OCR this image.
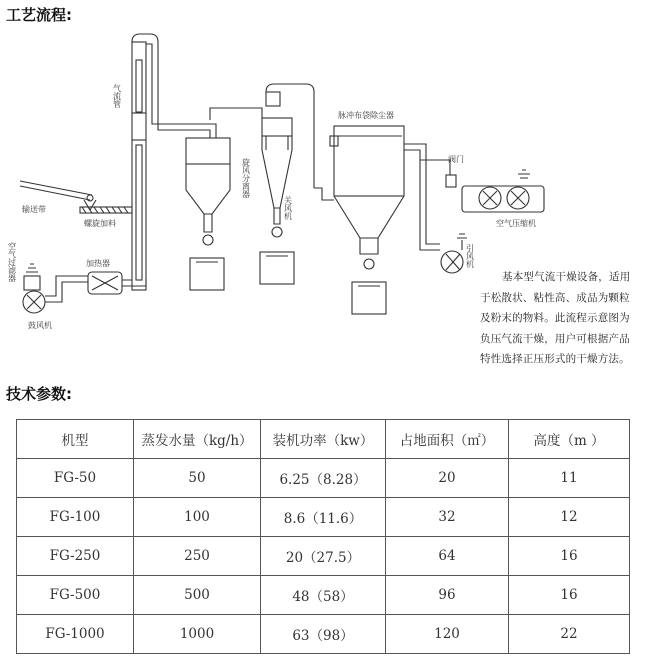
工艺流程:
气流管
输送带
螺旋加料
空气过滤器	加热器
鼓风机
旋风分离器
关风机
脉冲布袋除尘器
阀门
空气压缩机
引风机
基本型气流干燥设备，适用
于松散状、粘性高、成品为颗粒
及粉末的物料。此流程示意图为
负压气流干燥，用户可根据产品
特性选择正压形式的干燥方法。
技术参数:
机型	蒸发水量（kg/h）	装机功率（kw）	占地面积（㎡）	高度（m ）
FG-50	50	6.25（8.28）	20	11
FG-100	100	8.6（11.6）	32	12
FG-250	250	20（27.5）	64	16
FG-500	500	48（58）	96	16
FG-1000	1000	63（98）	120	22
